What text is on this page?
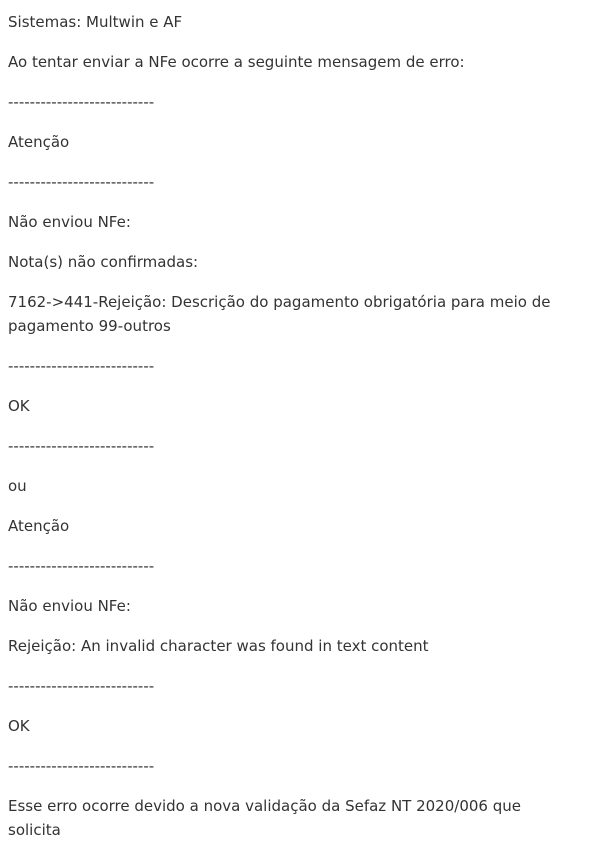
Sistemas: Multwin e AF

Ao tentar enviar a NFe ocorre a seguinte mensagem de erro:

---------------------------

Atenção

---------------------------

Não enviou NFe:

Nota(s) não confirmadas:

7162->441-Rejeição: Descrição do pagamento obrigatória para meio de pagamento 99-outros

---------------------------

OK

---------------------------

ou

Atenção

---------------------------

Não enviou NFe:

Rejeição: An invalid character was found in text content

---------------------------

OK

---------------------------

Esse erro ocorre devido a nova validação da Sefaz NT 2020/006 que solicita
